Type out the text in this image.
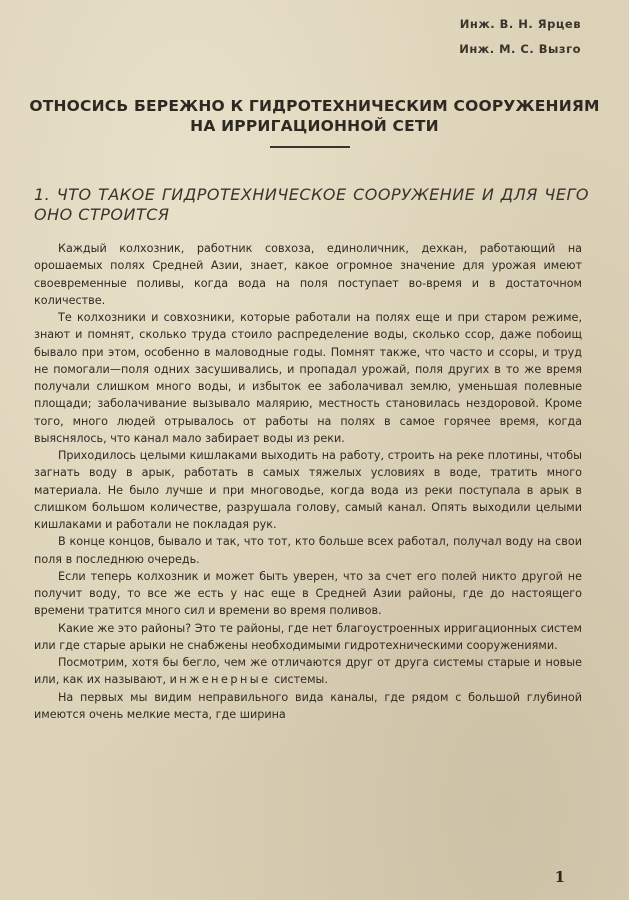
Инж. В. Н. Ярцев
Инж. М. С. Вызго
ОТНОСИСЬ БЕРЕЖНО К ГИДРОТЕХНИЧЕСКИМ СООРУЖЕНИЯМ
НА ИРРИГАЦИОННОЙ СЕТИ
1. ЧТО ТАКОЕ ГИДРОТЕХНИЧЕСКОЕ СООРУЖЕНИЕ И ДЛЯ ЧЕГО ОНО СТРОИТСЯ

Каждый колхозник, работник совхоза, единоличник, дехкан, работающий на орошаемых полях Средней Азии, знает, какое огромное значение для урожая имеют своевременные поливы, когда вода на поля поступает во-время и в достаточном количестве.

Те колхозники и совхозники, которые работали на полях еще и при старом режиме, знают и помнят, сколько труда стоило распределение воды, сколько ссор, даже побоищ бывало при этом, особенно в маловодные годы. Помнят также, что часто и ссоры, и труд не помогали—поля одних засушивались, и пропадал урожай, поля других в то же время получали слишком много воды, и избыток ее заболачивал землю, уменьшая полевные площади; заболачивание вызывало малярию, местность становилась нездоровой. Кроме того, много людей отрывалось от работы на полях в самое горячее время, когда выяснялось, что канал мало забирает воды из реки.

Приходилось целыми кишлаками выходить на работу, строить на реке плотины, чтобы загнать воду в арык, работать в самых тяжелых условиях в воде, тратить много материала. Не было лучше и при многоводье, когда вода из реки поступала в арык в слишком большом количестве, разрушала голову, самый канал. Опять выходили целыми кишлаками и работали не покладая рук.

В конце концов, бывало и так, что тот, кто больше всех работал, получал воду на свои поля в последнюю очередь.

Если теперь колхозник и может быть уверен, что за счет его полей никто другой не получит воду, то все же есть у нас еще в Средней Азии районы, где до настоящего времени тратится много сил и времени во время поливов.

Какие же это районы? Это те районы, где нет благоустроенных ирригационных систем или где старые арыки не снабжены необходимыми гидротехническими сооружениями.

Посмотрим, хотя бы бегло, чем же отличаются друг от друга системы старые и новые или, как их называют, инженерные системы.

На первых мы видим неправильного вида каналы, где рядом с большой глубиной имеются очень мелкие места, где ширина

1
